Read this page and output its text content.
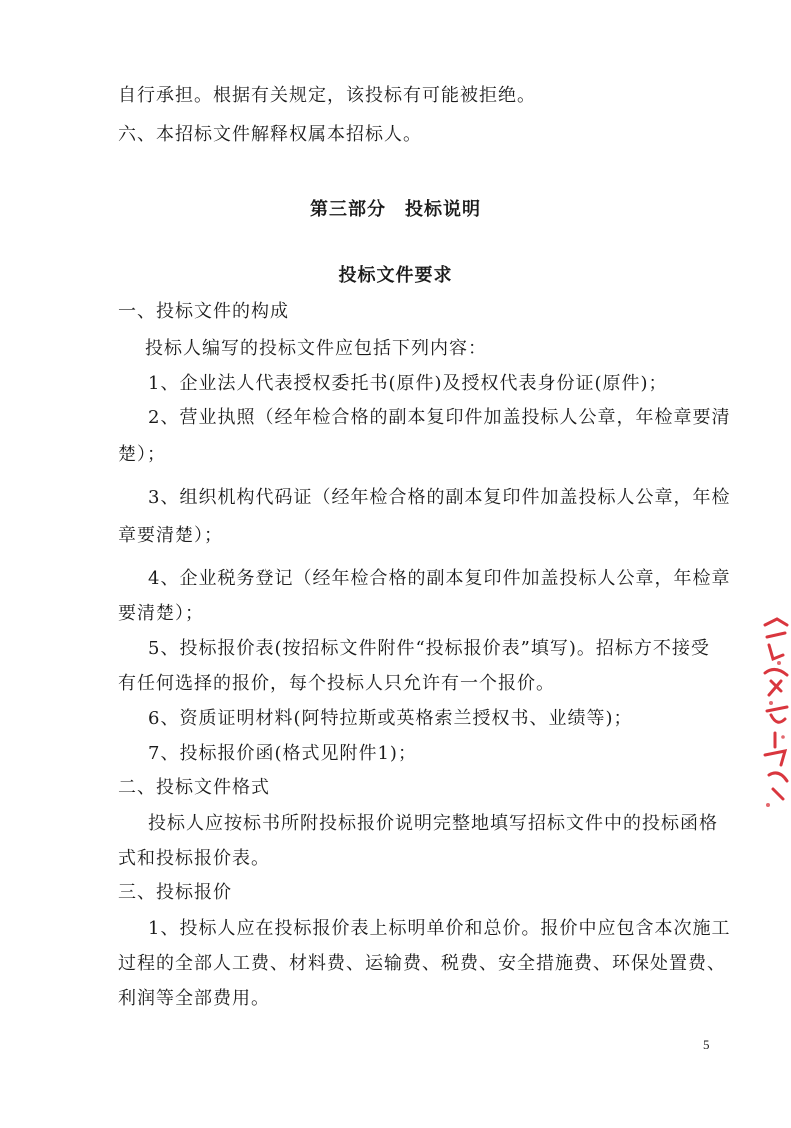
自行承担。根据有关规定，该投标有可能被拒绝。
六、本招标文件解释权属本招标人。
第三部分　投标说明
投标文件要求
一、投标文件的构成
投标人编写的投标文件应包括下列内容：
1、企业法人代表授权委托书(原件)及授权代表身份证(原件)；
2、营业执照（经年检合格的副本复印件加盖投标人公章，年检章要清
楚）；
3、组织机构代码证（经年检合格的副本复印件加盖投标人公章，年检
章要清楚）；
4、企业税务登记（经年检合格的副本复印件加盖投标人公章，年检章
要清楚）；
5、投标报价表(按招标文件附件“投标报价表”填写)。招标方不接受
有任何选择的报价，每个投标人只允许有一个报价。
6、资质证明材料(阿特拉斯或英格索兰授权书、业绩等)；
7、投标报价函(格式见附件1)；
二、投标文件格式
投标人应按标书所附投标报价说明完整地填写招标文件中的投标函格
式和投标报价表。
三、投标报价
1、投标人应在投标报价表上标明单价和总价。报价中应包含本次施工
过程的全部人工费、材料费、运输费、税费、安全措施费、环保处置费、
利润等全部费用。
5
